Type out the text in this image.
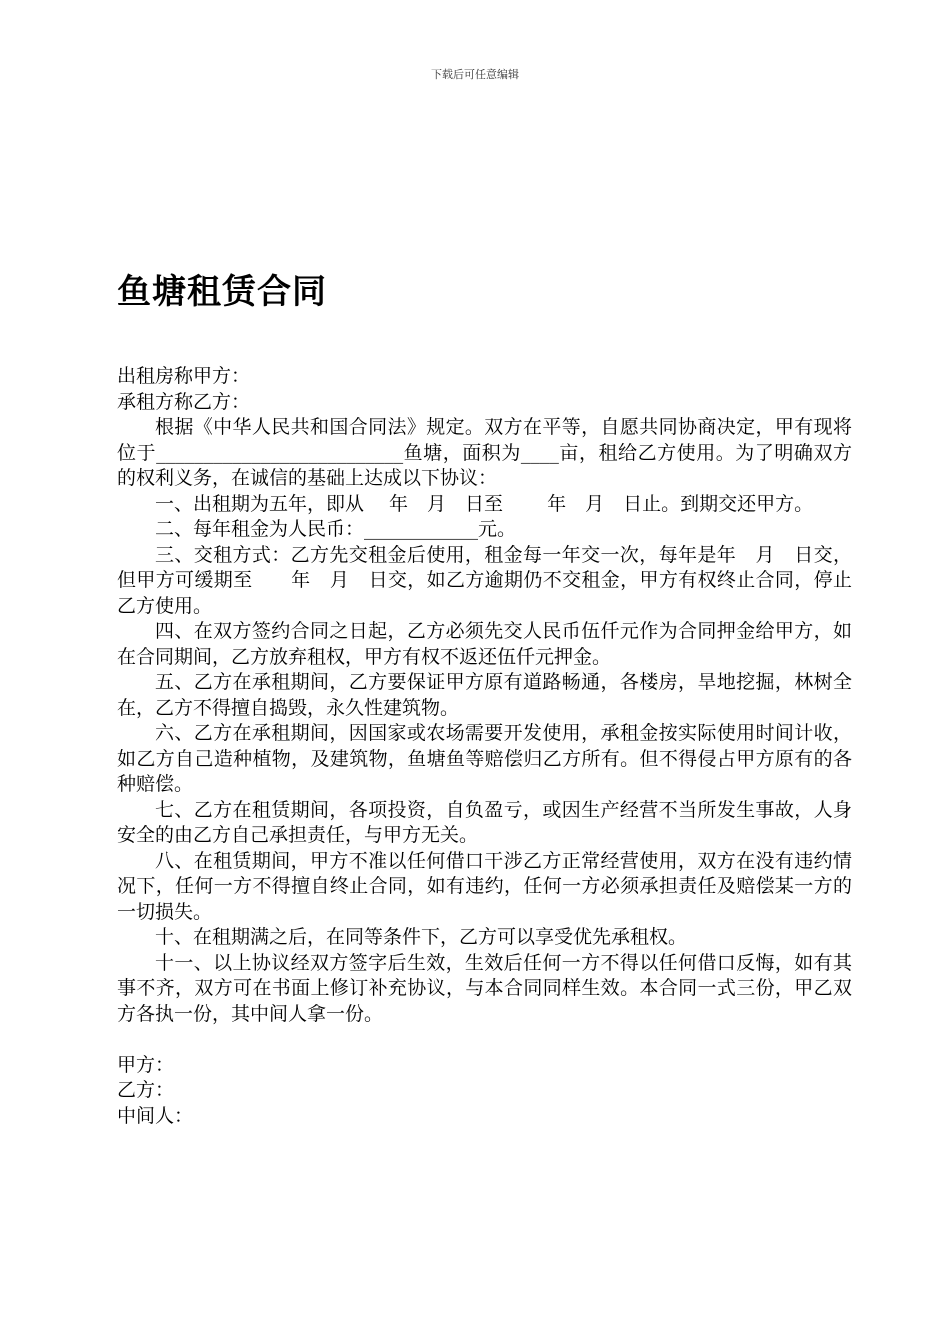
下载后可任意编辑
鱼塘租赁合同

出租房称甲方：

承租方称乙方：

根据《中华人民共和国合同法》规定。双方在平等，自愿共同协商决定，甲有现将位于__________________________鱼塘，面积为____亩，租给乙方使用。为了明确双方的权利义务，在诚信的基础上达成以下协议：

一、出租期为五年，即从　 年　月　日至　　 年　月　日止。到期交还甲方。

二、每年租金为人民币：____________元。

三、交租方式：乙方先交租金后使用，租金每一年交一次，每年是年　月　日交，但甲方可缓期至　　年　月　日交，如乙方逾期仍不交租金，甲方有权终止合同，停止乙方使用。

四、在双方签约合同之日起，乙方必须先交人民币伍仟元作为合同押金给甲方，如在合同期间，乙方放弃租权，甲方有权不返还伍仟元押金。

五、乙方在承租期间，乙方要保证甲方原有道路畅通，各楼房，旱地挖掘，林树全在，乙方不得擅自捣毁，永久性建筑物。

六、乙方在承租期间，因国家或农场需要开发使用，承租金按实际使用时间计收，如乙方自己造种植物，及建筑物，鱼塘鱼等赔偿归乙方所有。但不得侵占甲方原有的各种赔偿。

七、乙方在租赁期间，各项投资，自负盈亏，或因生产经营不当所发生事故，人身安全的由乙方自己承担责任，与甲方无关。

八、在租赁期间，甲方不准以任何借口干涉乙方正常经营使用，双方在没有违约情况下，任何一方不得擅自终止合同，如有违约，任何一方必须承担责任及赔偿某一方的一切损失。

十、在租期满之后，在同等条件下，乙方可以享受优先承租权。

十一、以上协议经双方签字后生效，生效后任何一方不得以任何借口反悔，如有其事不齐，双方可在书面上修订补充协议，与本合同同样生效。本合同一式三份，甲乙双方各执一份，其中间人拿一份。

甲方：

乙方：

中间人：
